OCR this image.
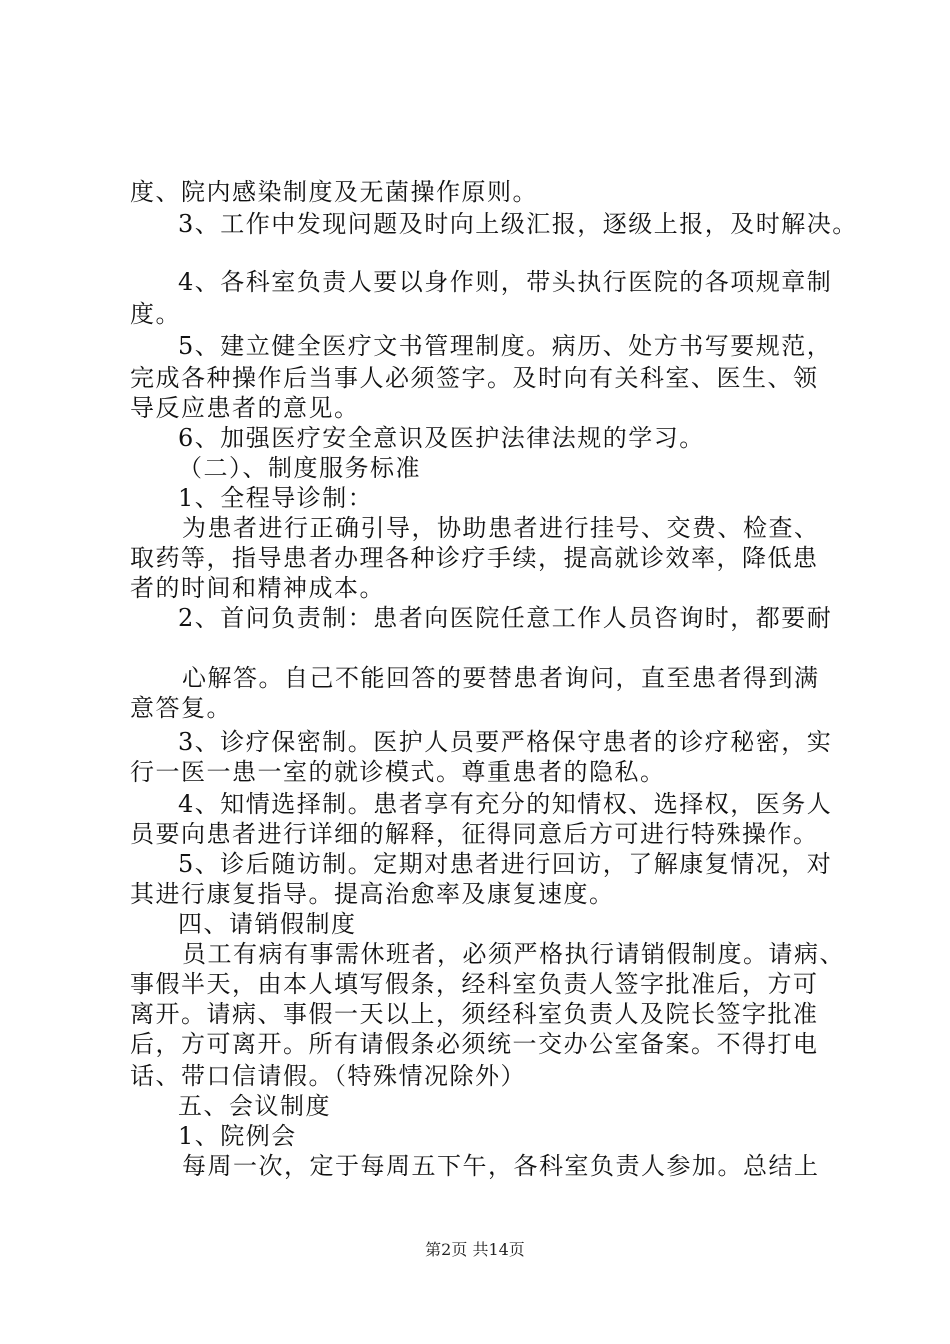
度、院内感染制度及无菌操作原则。
3、工作中发现问题及时向上级汇报，逐级上报，及时解决。
4、各科室负责人要以身作则，带头执行医院的各项规章制
度。
5、建立健全医疗文书管理制度。病历、处方书写要规范，
完成各种操作后当事人必须签字。及时向有关科室、医生、领
导反应患者的意见。
6、加强医疗安全意识及医护法律法规的学习。
（二）、制度服务标准
1、全程导诊制：
为患者进行正确引导，协助患者进行挂号、交费、检查、
取药等，指导患者办理各种诊疗手续，提高就诊效率，降低患
者的时间和精神成本。
2、首问负责制：患者向医院任意工作人员咨询时，都要耐
心解答。自己不能回答的要替患者询问，直至患者得到满
意答复。
3、诊疗保密制。医护人员要严格保守患者的诊疗秘密，实
行一医一患一室的就诊模式。尊重患者的隐私。
4、知情选择制。患者享有充分的知情权、选择权，医务人
员要向患者进行详细的解释，征得同意后方可进行特殊操作。
5、诊后随访制。定期对患者进行回访，了解康复情况，对
其进行康复指导。提高治愈率及康复速度。
四、请销假制度
员工有病有事需休班者，必须严格执行请销假制度。请病、
事假半天，由本人填写假条，经科室负责人签字批准后，方可
离开。请病、事假一天以上，须经科室负责人及院长签字批准
后，方可离开。所有请假条必须统一交办公室备案。不得打电
话、带口信请假。（特殊情况除外）
五、会议制度
1、院例会
每周一次，定于每周五下午，各科室负责人参加。总结上
第2页 共14页
